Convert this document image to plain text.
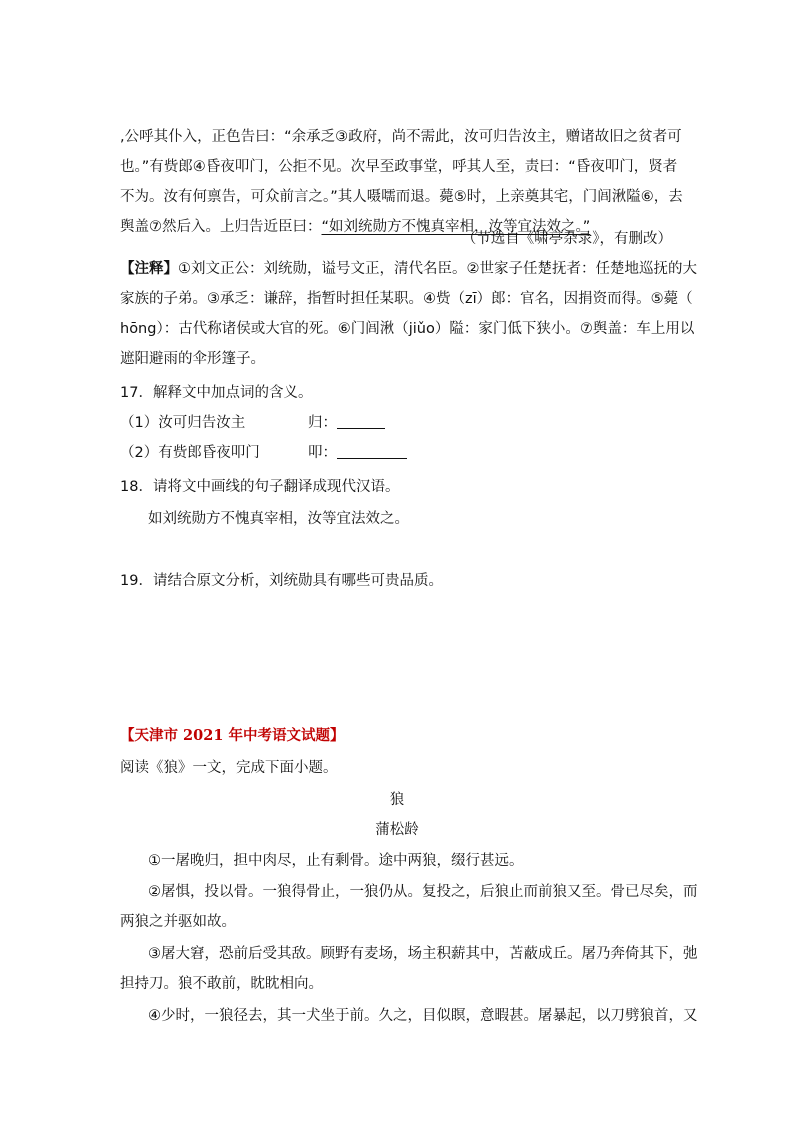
,公呼其仆入，正色告曰：“余承乏③政府，尚不需此，汝可归告汝主，赠诸故旧之贫者可
也。”有赀郎④昏夜叩门，公拒不见。次早至政事堂，呼其人至，责曰：“昏夜叩门，贤者
不为。汝有何禀告，可众前言之。”其人嗫嚅而退。薨⑤时，上亲奠其宅，门闾湫隘⑥，去
舆盖⑦然后入。上归告近臣曰：“如刘统勋方不愧真宰相，汝等宜法效之。”
（节选自《啸亭杂录》，有删改）
【注释】①刘文正公：刘统勋，谥号文正，清代名臣。②世家子任楚抚者：任楚地巡抚的大
家族的子弟。③承乏：谦辞，指暂时担任某职。④赀（zī）郎：官名，因捐资而得。⑤薨（
hōng）：古代称诸侯或大官的死。⑥门闾湫（jiǔo）隘：家门低下狭小。⑦舆盖：车上用以
遮阳避雨的伞形篷子。
17．解释文中加点词的含义。
（1）汝可归告汝主	归：
（2）有赀郎昏夜叩门	叩：
18．请将文中画线的句子翻译成现代汉语。
如刘统勋方不愧真宰相，汝等宜法效之。
19．请结合原文分析，刘统勋具有哪些可贵品质。
【天津市 2021 年中考语文试题】
阅读《狼》一文，完成下面小题。
狼
蒲松龄
①一屠晚归，担中肉尽，止有剩骨。途中两狼，缀行甚远。
②屠惧，投以骨。一狼得骨止，一狼仍从。复投之，后狼止而前狼又至。骨已尽矣，而
两狼之并驱如故。
③屠大窘，恐前后受其敌。顾野有麦场，场主积薪其中，苫蔽成丘。屠乃奔倚其下，弛
担持刀。狼不敢前，眈眈相向。
④少时，一狼径去，其一犬坐于前。久之，目似瞑，意暇甚。屠暴起，以刀劈狼首，又
